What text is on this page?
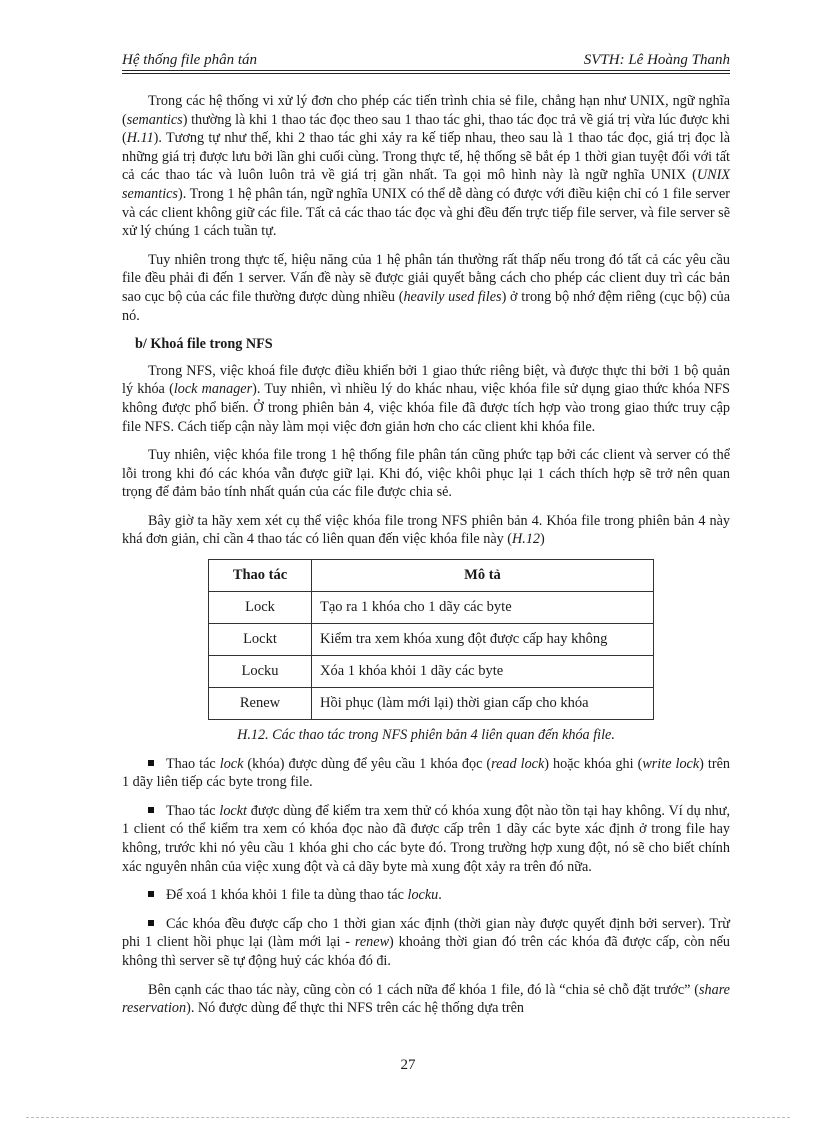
Hệ thống file phân tán	SVTH: Lê Hoàng Thanh

Trong các hệ thống vi xử lý đơn cho phép các tiến trình chia sẻ file, chẳng hạn như UNIX, ngữ nghĩa (semantics) thường là khi 1 thao tác đọc theo sau 1 thao tác ghi, thao tác đọc trả về giá trị vừa lúc được khi (H.11). Tương tự như thế, khi 2 thao tác ghi xảy ra kế tiếp nhau, theo sau là 1 thao tác đọc, giá trị đọc là những giá trị được lưu bởi lần ghi cuối cùng. Trong thực tế, hệ thống sẽ bắt ép 1 thời gian tuyệt đối với tất cả các thao tác và luôn luôn trả về giá trị gần nhất. Ta gọi mô hình này là ngữ nghĩa UNIX (UNIX semantics). Trong 1 hệ phân tán, ngữ nghĩa UNIX có thể dễ dàng có được với điều kiện chỉ có 1 file server và các client không giữ các file. Tất cả các thao tác đọc và ghi đều đến trực tiếp file server, và file server sẽ xử lý chúng 1 cách tuần tự.

Tuy nhiên trong thực tế, hiệu năng của 1 hệ phân tán thường rất thấp nếu trong đó tất cả các yêu cầu file đều phải đi đến 1 server. Vấn đề này sẽ được giải quyết bằng cách cho phép các client duy trì các bản sao cục bộ của các file thường được dùng nhiều (heavily used files) ở trong bộ nhớ đệm riêng (cục bộ) của nó.

b/ Khoá file trong NFS

Trong NFS, việc khoá file được điều khiển bởi 1 giao thức riêng biệt, và được thực thi bởi 1 bộ quản lý khóa (lock manager). Tuy nhiên, vì nhiều lý do khác nhau, việc khóa file sử dụng giao thức khóa NFS không được phổ biến. Ở trong phiên bản 4, việc khóa file đã được tích hợp vào trong giao thức truy cập file NFS. Cách tiếp cận này làm mọi việc đơn giản hơn cho các client khi khóa file.

Tuy nhiên, việc khóa file trong 1 hệ thống file phân tán cũng phức tạp bởi các client và server có thể lỗi trong khi đó các khóa vẫn được giữ lại. Khi đó, việc khôi phục lại 1 cách thích hợp sẽ trở nên quan trọng để đảm bảo tính nhất quán của các file được chia sẻ.

Bây giờ ta hãy xem xét cụ thể việc khóa file trong NFS phiên bản 4. Khóa file trong phiên bản 4 này khá đơn giản, chỉ cần 4 thao tác có liên quan đến việc khóa file này (H.12)

Thao tác	Mô tả
Lock	Tạo ra 1 khóa cho 1 dãy các byte
Lockt	Kiểm tra xem khóa xung đột được cấp hay không
Locku	Xóa 1 khóa khỏi 1 dãy các byte
Renew	Hồi phục (làm mới lại) thời gian cấp cho khóa
H.12. Các thao tác trong NFS phiên bản 4 liên quan đến khóa file.
Thao tác lock (khóa) được dùng để yêu cầu 1 khóa đọc (read lock) hoặc khóa ghi (write lock) trên 1 dãy liên tiếp các byte trong file.
Thao tác lockt được dùng để kiểm tra xem thử có khóa xung đột nào tồn tại hay không. Ví dụ như, 1 client có thể kiểm tra xem có khóa đọc nào đã được cấp trên 1 dãy các byte xác định ở trong file hay không, trước khi nó yêu cầu 1 khóa ghi cho các byte đó. Trong trường hợp xung đột, nó sẽ cho biết chính xác nguyên nhân của việc xung đột và cả dãy byte mà xung đột xảy ra trên đó nữa.
Để xoá 1 khóa khỏi 1 file ta dùng thao tác locku.
Các khóa đều được cấp cho 1 thời gian xác định (thời gian này được quyết định bởi server). Trừ phi 1 client hồi phục lại (làm mới lại - renew) khoảng thời gian đó trên các khóa đã được cấp, còn nếu không thì server sẽ tự động huỷ các khóa đó đi.

Bên cạnh các thao tác này, cũng còn có 1 cách nữa để khóa 1 file, đó là “chia sẻ chỗ đặt trước” (share reservation). Nó được dùng để thực thi NFS trên các hệ thống dựa trên

27
